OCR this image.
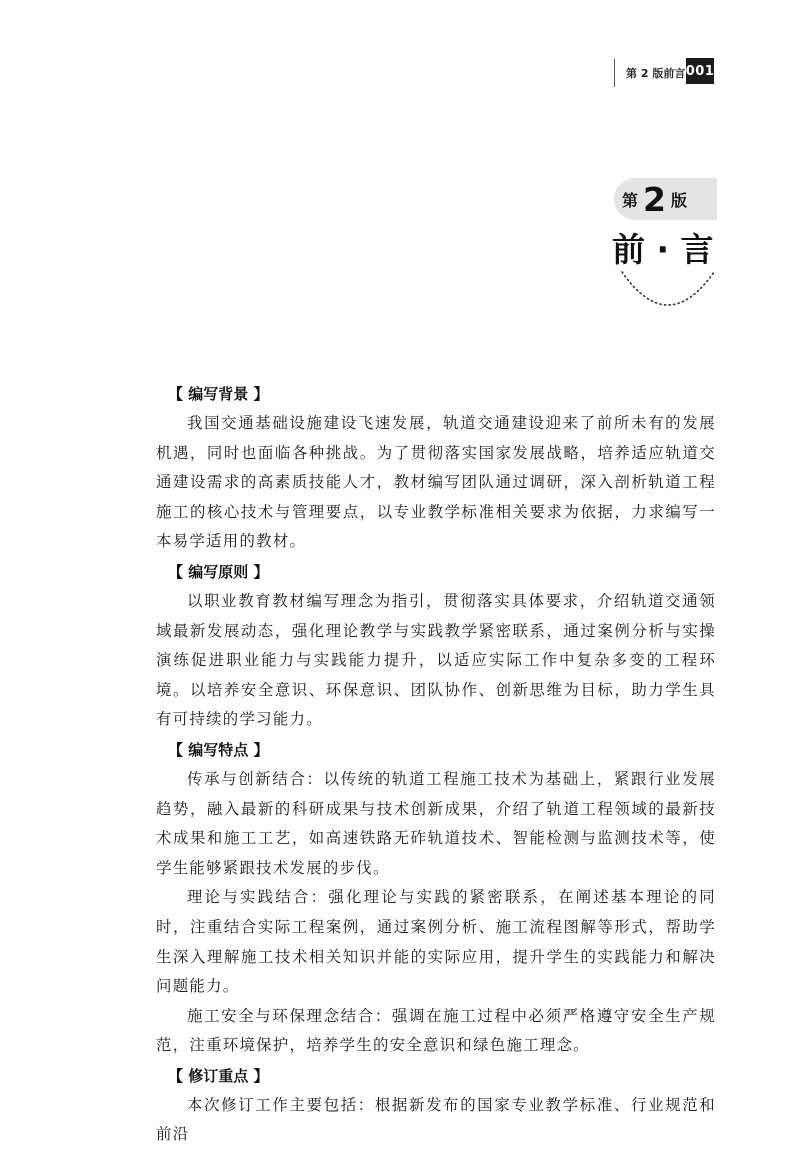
第 2 版前言 001
第 2 版
前 · 言
【 编写背景 】

我国交通基础设施建设飞速发展，轨道交通建设迎来了前所未有的发展机遇，同时也面临各种挑战。为了贯彻落实国家发展战略，培养适应轨道交通建设需求的高素质技能人才，教材编写团队通过调研，深入剖析轨道工程施工的核心技术与管理要点，以专业教学标准相关要求为依据，力求编写一本易学适用的教材。

【 编写原则 】

以职业教育教材编写理念为指引，贯彻落实具体要求，介绍轨道交通领域最新发展动态，强化理论教学与实践教学紧密联系，通过案例分析与实操演练促进职业能力与实践能力提升，以适应实际工作中复杂多变的工程环境。以培养安全意识、环保意识、团队协作、创新思维为目标，助力学生具有可持续的学习能力。

【 编写特点 】

传承与创新结合：以传统的轨道工程施工技术为基础上，紧跟行业发展趋势，融入最新的科研成果与技术创新成果，介绍了轨道工程领域的最新技术成果和施工工艺，如高速铁路无砟轨道技术、智能检测与监测技术等，使学生能够紧跟技术发展的步伐。

理论与实践结合：强化理论与实践的紧密联系，在阐述基本理论的同时，注重结合实际工程案例，通过案例分析、施工流程图解等形式，帮助学生深入理解施工技术相关知识并能的实际应用，提升学生的实践能力和解决问题能力。

施工安全与环保理念结合：强调在施工过程中必须严格遵守安全生产规范，注重环境保护，培养学生的安全意识和绿色施工理念。

【 修订重点 】

本次修订工作主要包括：根据新发布的国家专业教学标准、行业规范和前沿
